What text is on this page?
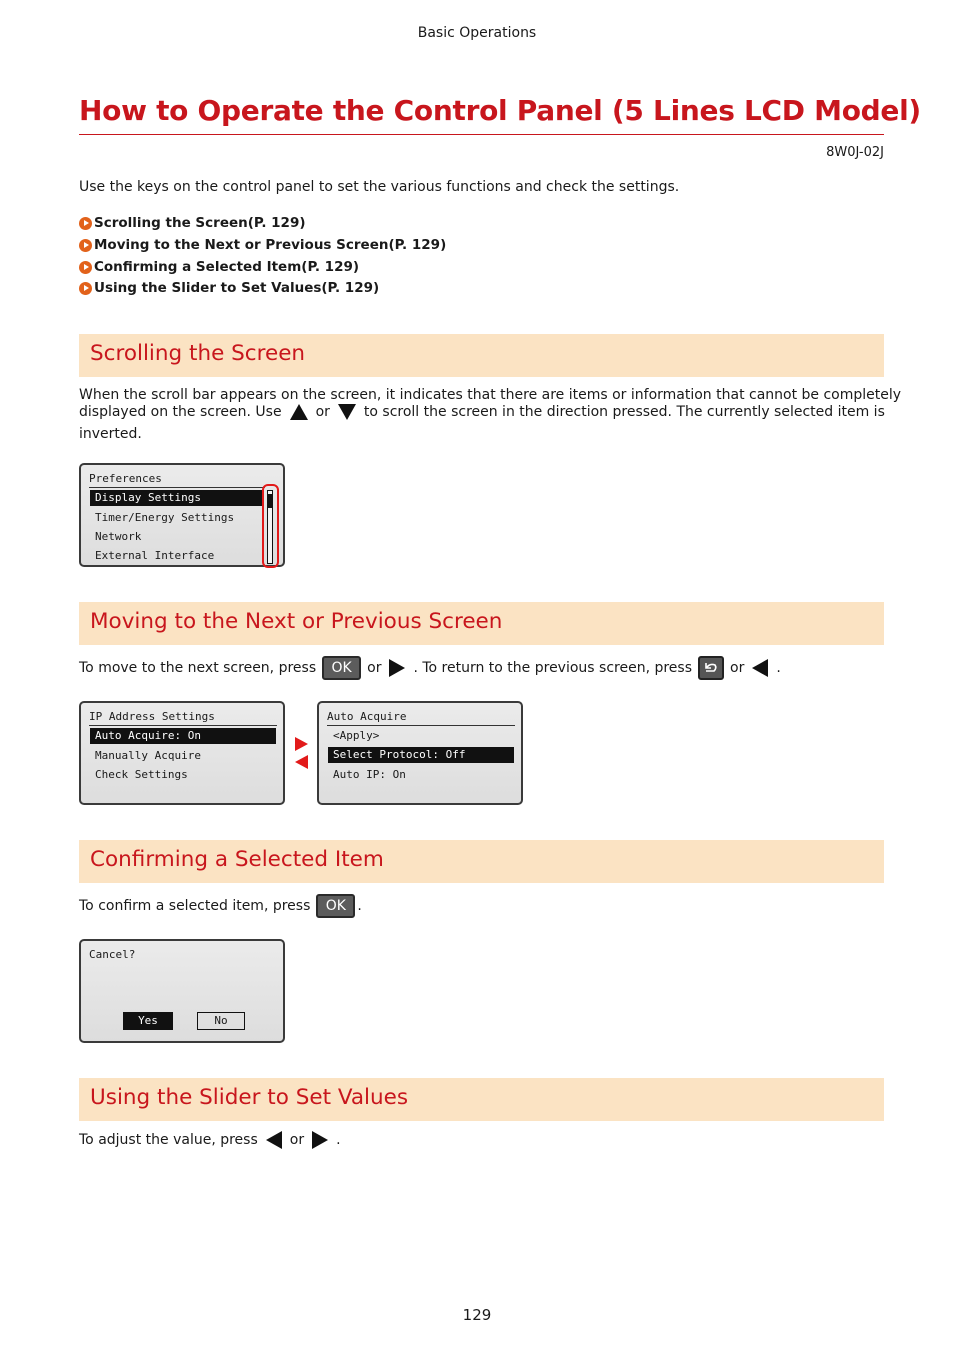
Basic Operations
How to Operate the Control Panel (5 Lines LCD Model)
8W0J-02J
Use the keys on the control panel to set the various functions and check the settings.
Scrolling the Screen(P. 129)
Moving to the Next or Previous Screen(P. 129)
Confirming a Selected Item(P. 129)
Using the Slider to Set Values(P. 129)
Scrolling the Screen
When the scroll bar appears on the screen, it indicates that there are items or information that cannot be completely
displayed on the screen. Use or to scroll the screen in the direction pressed. The currently selected item is
inverted.
Preferences
Display Settings
Timer/Energy Settings
Network
External Interface
Moving to the Next or Previous Screen
To move to the next screen, press	OK	or . To return to the previous screen, press	or .
IP Address Settings
Auto Acquire: On
Manually Acquire
Check Settings
Auto Acquire
<Apply>
Select Protocol: Off
Auto IP: On
Confirming a Selected Item
To confirm a selected item, press	OK .
Cancel?
Yes	No
Using the Slider to Set Values
To adjust the value, press or .
129
